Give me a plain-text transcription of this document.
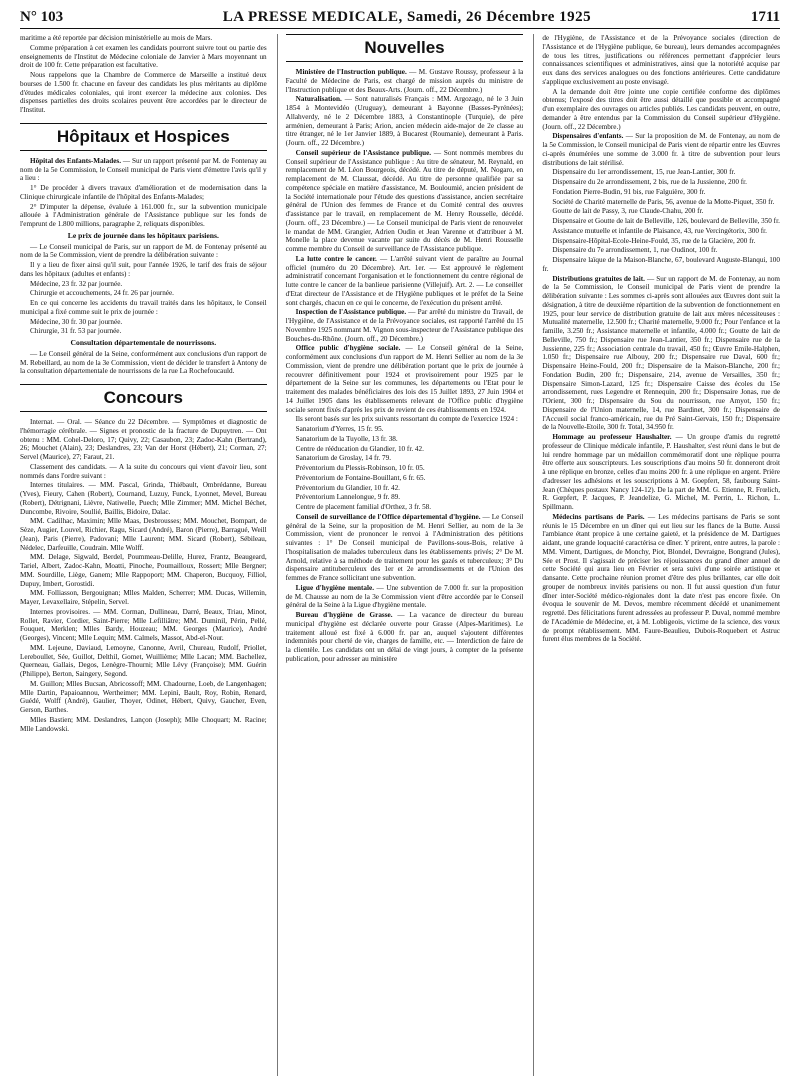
N° 103	LA PRESSE MEDICALE, Samedi, 26 Décembre 1925	1711

maritime a été reportée par décision ministérielle au mois de Mars.

Comme préparation à cet examen les candidats pourront suivre tout ou partie des enseignements de l'Institut de Médecine coloniale de Janvier à Mars moyennant un droit de 100 fr. Cette préparation est facultative.

Nous rappelons que la Chambre de Commerce de Marseille a institué deux bourses de 1.500 fr. chacune en faveur des candidats les plus méritants au diplôme d'études médicales coloniales, qui iront exercer la médecine aux colonies. Des dispenses partielles des droits scolaires peuvent être accordées par le directeur de l'Institut.

Hôpitaux et Hospices

Hôpital des Enfants-Malades. — Sur un rapport présenté par M. de Fontenay au nom de la 5e Commission, le Conseil municipal de Paris vient d'émettre l'avis qu'il y a lieu :

1° De procéder à divers travaux d'amélioration et de modernisation dans la Clinique chirurgicale infantile de l'hôpital des Enfants-Malades;

2° D'imputer la dépense, évaluée à 161.000 fr., sur la subvention municipale allouée à l'Administration générale de l'Assistance publique sur les fonds de l'emprunt de 1.800 millions, paragraphe 2, reliquats disponibles.

Le prix de journée dans les hôpitaux parisiens.

— Le Conseil municipal de Paris, sur un rapport de M. de Fontenay présenté au nom de la 5e Commission, vient de prendre la délibération suivante :

Il y a lieu de fixer ainsi qu'il suit, pour l'année 1926, le tarif des frais de séjour dans les hôpitaux (adultes et enfants) :

Médecine, 23 fr. 32 par journée.

Chirurgie et accouchements, 24 fr. 26 par journée.

En ce qui concerne les accidents du travail traités dans les hôpitaux, le Conseil municipal a fixé comme suit le prix de journée :

Médecine, 30 fr. 30 par journée.

Chirurgie, 31 fr. 53 par journée.

Consultation départementale de nourrissons.

— Le Conseil général de la Seine, conformément aux conclusions d'un rapport de M. Rebeillard, au nom de la 3e Commission, vient de décider le transfert à Antony de la consultation départementale de nourrissons de la rue La Rochefoucauld.

Concours

Internat. — Oral. — Séance du 22 Décembre. — Symptômes et diagnostic de l'hémorragie cérébrale. — Signes et pronostic de la fracture de Dupuytren. — Ont obtenu : MM. Cohel-Deloro, 17; Quivy, 22; Casaubon, 23; Zadoc-Kahn (Bertrand), 26; Mouchet (Alain), 23; Deslandres, 23; Van der Horst (Hébert), 21; Corman, 27; Servel (Maurice), 27; Faraut, 21.

Classement des candidats. — A la suite du concours qui vient d'avoir lieu, sont nommés dans l'ordre suivant :

Internes titulaires. — MM. Pascal, Grinda, Thiébault, Ombrédanne, Bureau (Yves), Fieury, Cahen (Robert), Cournand, Luzuy, Funck, Lyonnet, Mevel, Bureau (Robert), Détrignani, Lièvre, Natiwelle, Puech; Mlle Zimmer; MM. Michel Béchet, Duncombe, Rivoire, Soullié, Baillis, Bidoire, Dalac.

MM. Cadilhac, Maximin; Mlle Maas, Desbrousses; MM. Mouchet, Bompart, de Sèze, Augier, Louvel, Richier, Ragu, Sicard (André), Baron (Pierre), Barragué, Weill (Jean), Paris (Pierre), Padovani; Mlle Laurent; MM. Sicard (Robert), Sébileau, Nédelec, Darfeuille, Coudrain. Mlle Wolff.

MM. Delage, Sigwald, Berdel, Poummeau-Delille, Hurez, Frantz, Beaugeard, Tariel, Albert, Zadoc-Kahn, Moatti, Pinoche, Poumailloux, Rossert; Mlle Bergner; MM. Sourdille, Liège, Ganem; Mlle Rappoport; MM. Chaperon, Bucquoy, Filliol, Dupuy, Imbert, Gorostidi.

MM. Folliasson, Bergouignan; Mlles Malden, Scherrer; MM. Ducas, Willemin, Mayer, Levaxellaire, Stépelin, Servel.

Internes provisoires. — MM. Corman, Dullineau, Darré, Beaux, Triau, Minot, Rollet, Ravier, Cordier, Saint-Pierre; Mlle Lefilliâtre; MM. Duminil, Périn, Pellé, Fouquet, Merklen; Mlles Bardy, Houzeau; MM. Georges (Maurice), André (Georges), Vincent; Mlle Lequin; MM. Calmels, Massot, Abd-el-Nour.

MM. Lejeune, Daviaud, Lemoyne, Canonne, Avril, Chureau, Rudolf, Priollet, Lereboullet, Sée, Guillot, Delthil, Gomet, Wuillième; Mlle Lacan; MM. Bachellez, Querneau, Gallais, Degos, Lenègre-Thourni; Mlle Lévy (Françoise); MM. Guérin (Philippe), Berton, Saingery, Segond.

M. Guillon; Mlles Bucsan, Abricossoff; MM. Chadourne, Loeb, de Langenhagen; Mlle Dartin, Papaioannou, Wertheimer; MM. Lepinì, Bault, Roy, Robin, Renard, Guédé, Wolff (André), Gaulier, Thoyer, Odinet, Hébert, Quivy, Gaucher, Even, Gerson, Barthes.

Mlles Bastien; MM. Deslandres, Lançon (Joseph); Mlle Choquart; M. Racine; Mlle Landowski.

Nouvelles

Ministère de l'Instruction publique. — M. Gustave Roussy, professeur à la Faculté de Médecine de Paris, est chargé de mission auprès du ministre de l'Instruction publique et des Beaux-Arts. (Journ. off., 22 Décembre.)

Naturalisation. — Sont naturalisés Français : MM. Argozago, né le 3 Juin 1854 à Montevidéo (Uruguay), demeurant à Bayonne (Basses-Pyrénées); Allahverdy, né le 2 Décembre 1883, à Constantinople (Turquie), de père arménien, demeurant à Paris; Arion, ancien médecin aide-major de 2e classe au titre étranger, né le 1er Janvier 1889, à Bucarest (Roumanie), demeurant à Paris. (Journ. off., 22 Décembre.)

Conseil supérieur de l'Assistance publique. — Sont nommés membres du Conseil supérieur de l'Assistance publique : Au titre de sénateur, M. Reynald, en remplacement de M. Léon Bourgeois, décédé. Au titre de député, M. Nogaro, en remplacement de M. Claussat, décédé. Au titre de personne qualifiée par sa compétence spéciale en matière d'assistance, M. Bouloumié, ancien président de la Société internationale pour l'étude des questions d'assistance, ancien secrétaire général de l'Union des femmes de France et du Comité central des œuvres d'assistance par le travail, en remplacement de M. Henry Rousselle, décédé. (Journ. off., 23 Décembre.) — Le Conseil municipal de Paris vient de renouveler le mandat de MM. Grangier, Adrien Oudin et Jean Varenne et d'attribuer à M. Monelle la place devenue vacante par suite du décès de M. Henri Rousselle comme membre du Conseil de surveillance de l'Assistance publique.

La lutte contre le cancer. — L'arrêté suivant vient de paraître au Journal officiel (numéro du 20 Décembre). Art. 1er. — Est approuvé le règlement administratif concernant l'organisation et le fonctionnement du centre régional de lutte contre le cancer de la banlieue parisienne (Villejuif). Art. 2. — Le conseiller d'Etat directeur de l'Assistance et de l'Hygiène publiques et le préfet de la Seine sont chargés, chacun en ce qui le concerne, de l'exécution du présent arrêté.

Inspection de l'Assistance publique. — Par arrêté du ministre du Travail, de l'Hygiène, de l'Assistance et de la Prévoyance sociales, est rapporté l'arrêté du 15 Novembre 1925 nommant M. Vignon sous-inspecteur de l'Assistance publique des Bouches-du-Rhône. (Journ. off., 20 Décembre.)

Office public d'hygiène sociale. — Le Conseil général de la Seine, conformément aux conclusions d'un rapport de M. Henri Sellier au nom de la 3e Commission, vient de prendre une délibération portant que le prix de journée à recouvrer définitivement pour 1924 et provisoirement pour 1925 par le département de la Seine sur les communes, les départements ou l'Etat pour le traitement des malades bénéficiaires des lois des 15 Juillet 1893, 27 Juin 1904 et 14 Juillet 1905 dans les établissements relevant de l'Office public d'hygiène sociale seront fixés d'après les prix de revient de ces établissements en 1924.

Ils seront basés sur les prix suivants ressortant du compte de l'exercice 1924 :

Sanatorium d'Yerres, 15 fr. 95.

Sanatorium de la Tuyolle, 13 fr. 38.

Centre de rééducation du Glandier, 10 fr. 42.

Sanatorium de Groslay, 14 fr. 79.

Préventorium du Plessis-Robinson, 10 fr. 05.

Préventorium de Fontaine-Bouillant, 6 fr. 65.

Préventorium du Glandier, 10 fr. 42.

Préventorium Lannelongue, 9 fr. 89.

Centre de placement familial d'Orthez, 3 fr. 58.

Conseil de surveillance de l'Office départemental d'hygiène. — Le Conseil général de la Seine, sur la proposition de M. Henri Sellier, au nom de la 3e Commission, vient de prononcer le renvoi à l'Administration des pétitions suivantes : 1° De Conseil municipal de Pavillons-sous-Bois, relative à l'hospitalisation de malades tuberculeux dans les établissements privés; 2° De M. Arnold, relative à sa méthode de traitement pour les gazés et tuberculeux; 3° Du dispensaire antituberculeux des 1er et 2e arrondissements et de l'Union des femmes de France sollicitant une subvention.

Ligue d'hygiène mentale. — Une subvention de 7.000 fr. sur la proposition de M. Chausse au nom de la 3e Commission vient d'être accordée par le Conseil général de la Seine à la Ligue d'hygiène mentale.

Bureau d'hygiène de Grasse. — La vacance de directeur du bureau municipal d'hygiène est déclarée ouverte pour Grasse (Alpes-Maritimes). Le traitement alloué est fixé à 6.000 fr. par an, auquel s'ajoutent différentes indemnités pour cherté de vie, charges de famille, etc. — Interdiction de faire de la clientèle. Les candidats ont un délai de vingt jours, à compter de la présente publication, pour adresser au ministère

de l'Hygiène, de l'Assistance et de la Prévoyance sociales (direction de l'Assistance et de l'Hygiène publique, 6e bureau), leurs demandes accompagnées de tous les titres, justifications ou références permettant d'apprécier leurs connaissances scientifiques et administratives, ainsi que la notoriété acquise par eux dans des services analogues ou des fonctions antérieures. Cette candidature s'applique exclusivement au poste envisagé.

A la demande doit être jointe une copie certifiée conforme des diplômes obtenus; l'exposé des titres doit être aussi détaillé que possible et accompagné d'un exemplaire des ouvrages ou articles publiés. Les candidats peuvent, en outre, demander à être entendus par la Commission du Conseil supérieur d'Hygiène. (Journ. off., 22 Décembre.)

Dispensaires d'enfants. — Sur la proposition de M. de Fontenay, au nom de la 5e Commission, le Conseil municipal de Paris vient de répartir entre les Œuvres ci-après énumérées une somme de 3.000 fr. à titre de subvention pour leurs distributions de lait stérilisé.

Dispensaire du 1er arrondissement, 15, rue Jean-Lantier, 300 fr.

Dispensaire du 2e arrondissement, 2 bis, rue de la Jussienne, 200 fr.

Fondation Pierre-Budin, 91 bis, rue Falguière, 300 fr.

Société de Charité maternelle de Paris, 56, avenue de la Motte-Piquet, 350 fr.

Goutte de lait de Passy, 3, rue Claude-Chahu, 200 fr.

Dispensaire et Goutte de lait de Belleville, 126, boulevard de Belleville, 350 fr.

Assistance mutuelle et infantile de Plaisance, 43, rue Vercingétorix, 300 fr.

Dispensaire-Hôpital-Ecole-Heine-Fould, 35, rue de la Glacière, 200 fr.

Dispensaire du 7e arrondissement, 1, rue Oudinot, 100 fr.

Dispensaire laïque de la Maison-Blanche, 67, boulevard Auguste-Blanqui, 100 fr.

Distributions gratuites de lait. — Sur un rapport de M. de Fontenay, au nom de la 5e Commission, le Conseil municipal de Paris vient de prendre la délibération suivante : Les sommes ci-après sont allouées aux Œuvres dont suit la désignation, à titre de deuxième répartition de la subvention de fonctionnement en 1925, pour leur service de distribution gratuite de lait aux mères nécessiteuses : Mutualité maternelle, 12.500 fr.; Charité maternelle, 9.000 fr.; Pour l'enfance et la famille, 3.250 fr.; Assistance maternelle et infantile, 4.000 fr.; Goutte de lait de Belleville, 750 fr.; Dispensaire rue Jean-Lantier, 350 fr.; Dispensaire rue de la Jussienne, 225 fr.; Association centrale du travail, 450 fr.; Œuvre Emile-Halphen, 1.050 fr.; Dispensaire rue Albouy, 200 fr.; Dispensaire rue Daval, 600 fr.; Dispensaire Heine-Fould, 200 fr.; Dispensaire de la Maison-Blanche, 200 fr.; Fondation Budin, 200 fr.; Dispensaire, 214, avenue de Versailles, 350 fr.; Dispensaire Simon-Lazard, 125 fr.; Dispensaire Caisse des écoles du 15e arrondissement, rues Legendre et Rennequin, 200 fr.; Dispensaire Jonas, rue de l'Orient, 300 fr.; Dispensaire du Sou du nourrisson, rue Amyot, 150 fr.; Dispensaire de l'Union maternelle, 14, rue Bardinet, 300 fr.; Dispensaire de l'Accueil social franco-américain, rue du Pré Saint-Gervais, 150 fr.; Dispensaire de la Nouvelle-Etoile, 300 fr. Total, 34.950 fr.

Hommage au professeur Haushalter. — Un groupe d'amis du regretté professeur de Clinique médicale infantile, P. Haushalter, s'est réuni dans le but de lui rendre hommage par un médaillon commémoratif dont une réplique pourra être offerte aux souscripteurs. Les souscriptions d'au moins 50 fr. donneront droit à une réplique en bronze, celles d'au moins 200 fr. à une réplique en argent. Prière d'adresser les adhésions et les souscriptions à M. Goepfert, 58, faubourg Saint-Jean (Chèques postaux Nancy 124-12). De la part de MM. G. Etienne, R. Frœlich, R. Gœpfert, P. Jacques, P. Jeandelize, G. Michel, M. Perrin, L. Richon, L. Spillmann.

Médecins partisans de Paris. — Les médecins partisans de Paris se sont réunis le 15 Décembre en un dîner qui eut lieu sur les flancs de la Butte. Aussi l'ambiance étant propice à une certaine gaieté, et la présidence de M. Dartigues aidant, une grande loquacité caractérisa ce dîner. Y prirent, entre autres, la parole : MM. Viment, Dartigues, de Monchy, Piot, Blondel, Devraigne, Bongrand (Jules), Sée et Prost. Il s'agissait de préciser les réjouissances du grand dîner annuel de cette Société qui aura lieu en Février et sera suivi d'une soirée artistique et dansante. Cette prochaine réunion promet d'être des plus brillantes, car elle doit grouper de nombreux invités parisiens ou non. Il fut aussi question d'un futur dîner inter-Société médico-régionales dont la date n'est pas encore fixée. On évoqua le souvenir de M. Devos, membre récemment décédé et unanimement regretté. Des félicitations furent adressées au professeur P. Duval, nommé membre de l'Académie de Médecine, et, à M. Lobligeois, victime de la science, des vœux de prompt rétablissement. MM. Faure-Beaulieu, Dubois-Roquebert et Astruc furent élus membres de la Société.
